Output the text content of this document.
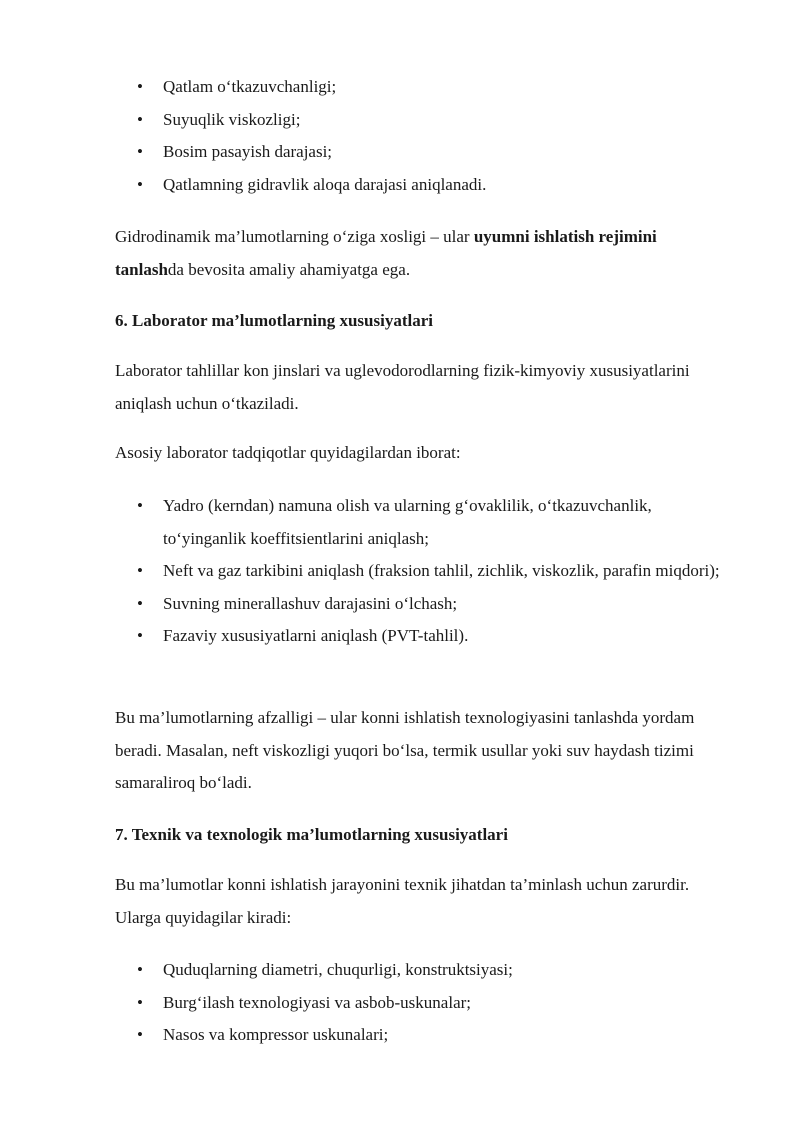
• Qatlam o‘tkazuvchanligi;
• Suyuqlik viskozligi;
• Bosim pasayish darajasi;
• Qatlamning gidravlik aloqa darajasi aniqlanadi.

Gidrodinamik ma’lumotlarning o‘ziga xosligi – ular uyumni ishlatish rejimini tanlashda bevosita amaliy ahamiyatga ega.

6. Laborator ma’lumotlarning xususiyatlari

Laborator tahlillar kon jinslari va uglevodorodlarning fizik-kimyoviy xususiyatlarini aniqlash uchun o‘tkaziladi.

Asosiy laborator tadqiqotlar quyidagilardan iborat:

• Yadro (kerndan) namuna olish va ularning g‘ovaklilik, o‘tkazuvchanlik, to‘yinganlik koeffitsientlarini aniqlash;
• Neft va gaz tarkibini aniqlash (fraksion tahlil, zichlik, viskozlik, parafin miqdori);
• Suvning minerallashuv darajasini o‘lchash;
• Fazaviy xususiyatlarni aniqlash (PVT-tahlil).

Bu ma’lumotlarning afzalligi – ular konni ishlatish texnologiyasini tanlashda yordam beradi. Masalan, neft viskozligi yuqori bo‘lsa, termik usullar yoki suv haydash tizimi samaraliroq bo‘ladi.

7. Texnik va texnologik ma’lumotlarning xususiyatlari

Bu ma’lumotlar konni ishlatish jarayonini texnik jihatdan ta’minlash uchun zarurdir. Ularga quyidagilar kiradi:

• Quduqlarning diametri, chuqurligi, konstruktsiyasi;
• Burg‘ilash texnologiyasi va asbob-uskunalar;
• Nasos va kompressor uskunalari;
